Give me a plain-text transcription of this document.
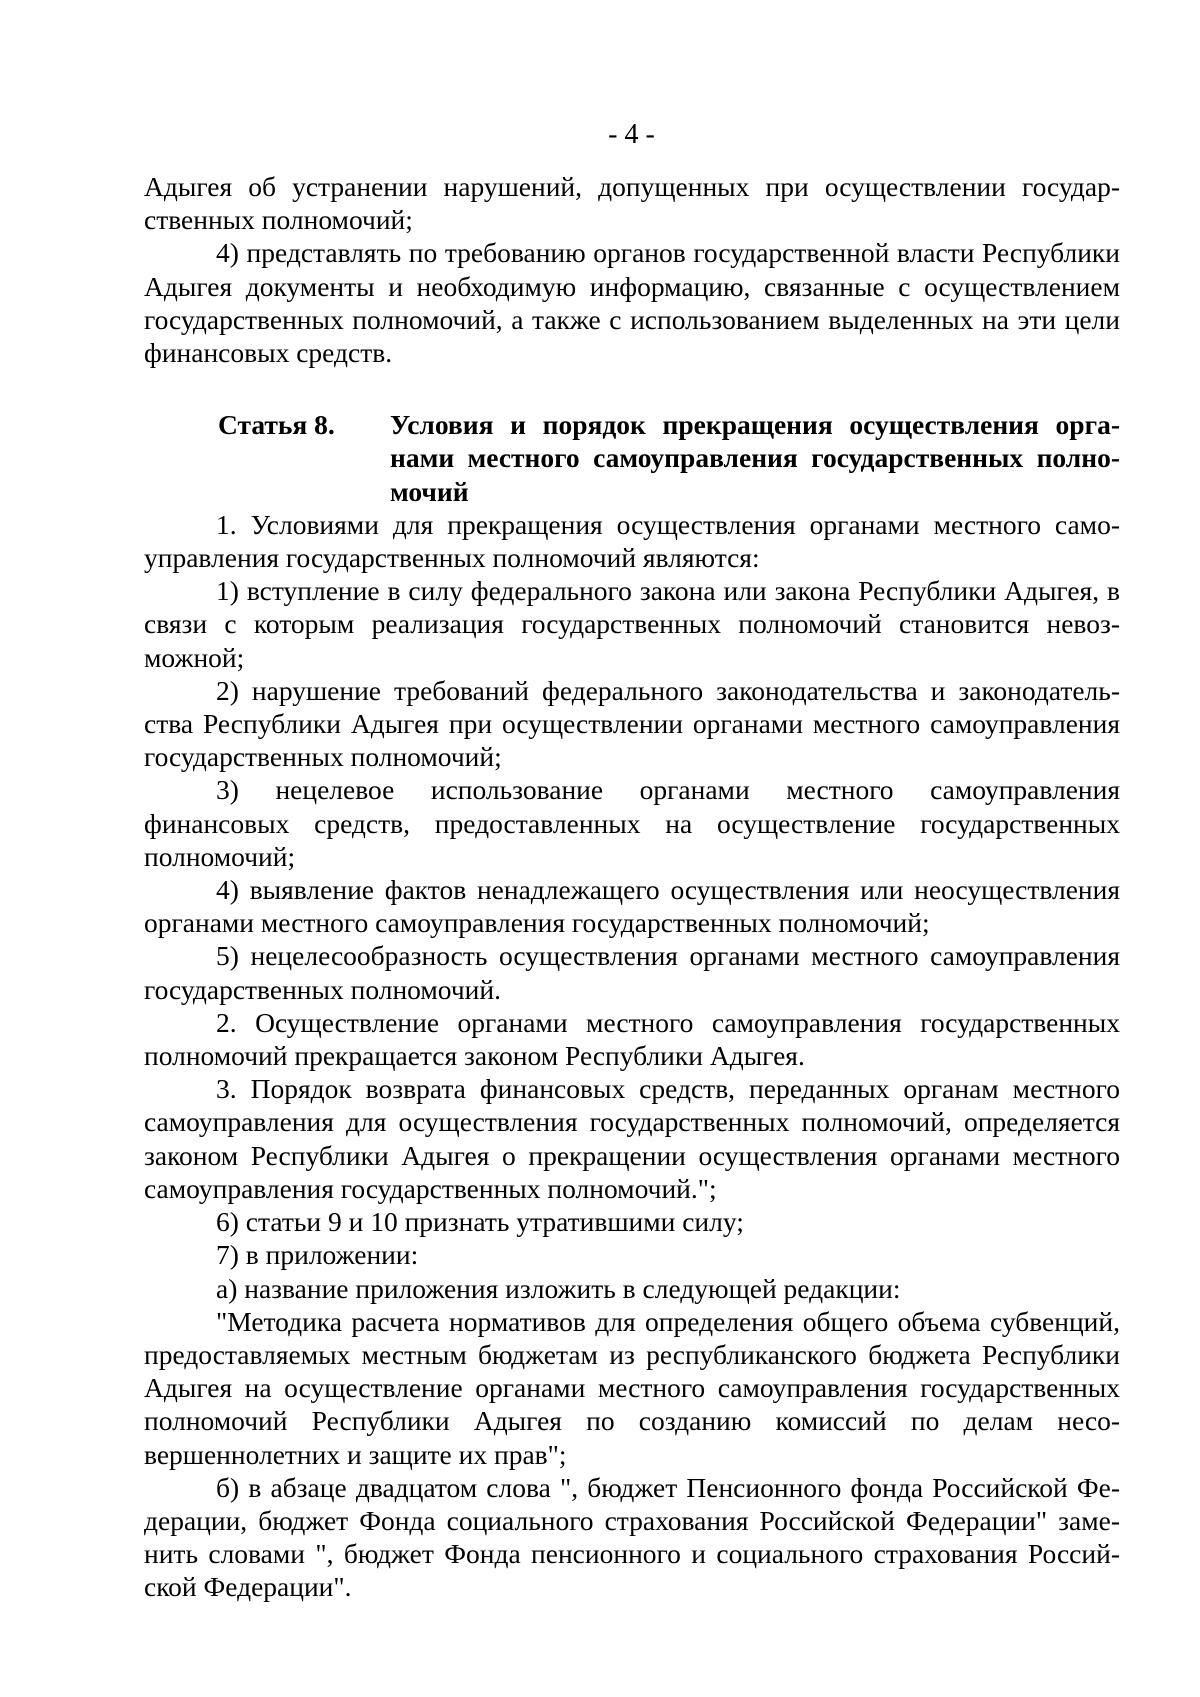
- 4 -

Адыгея об устранении нарушений, допущенных при осуществлении государственных полномочий;

4) представлять по требованию органов государственной власти Республики Адыгея документы и необходимую информацию, связанные с осуществлением государственных полномочий, а также с использованием выделенных на эти цели финансовых средств.

Статья 8.	Условия и порядок прекращения осуществления органами местного самоуправления государственных полномочий

1. Условиями для прекращения осуществления органами местного самоуправления государственных полномочий являются:

1) вступление в силу федерального закона или закона Республики Адыгея, в связи с которым реализация государственных полномочий становится невозможной;

2) нарушение требований федерального законодательства и законодательства Республики Адыгея при осуществлении органами местного самоуправления государственных полномочий;

3) нецелевое использование органами местного самоуправления финансовых средств, предоставленных на осуществление государственных полномочий;

4) выявление фактов ненадлежащего осуществления или неосуществления органами местного самоуправления государственных полномочий;

5) нецелесообразность осуществления органами местного самоуправления государственных полномочий.

2. Осуществление органами местного самоуправления государственных полномочий прекращается законом Республики Адыгея.

3. Порядок возврата финансовых средств, переданных органам местного самоуправления для осуществления государственных полномочий, определяется законом Республики Адыгея о прекращении осуществления органами местного самоуправления государственных полномочий.";

6) статьи 9 и 10 признать утратившими силу;

7) в приложении:

а) название приложения изложить в следующей редакции:

"Методика расчета нормативов для определения общего объема субвенций, предоставляемых местным бюджетам из республиканского бюджета Республики Адыгея на осуществление органами местного самоуправления государственных полномочий Республики Адыгея по созданию комиссий по делам несовершеннолетних и защите их прав";

б) в абзаце двадцатом слова ", бюджет Пенсионного фонда Российской Федерации, бюджет Фонда социального страхования Российской Федерации" заменить словами ", бюджет Фонда пенсионного и социального страхования Российской Федерации".
